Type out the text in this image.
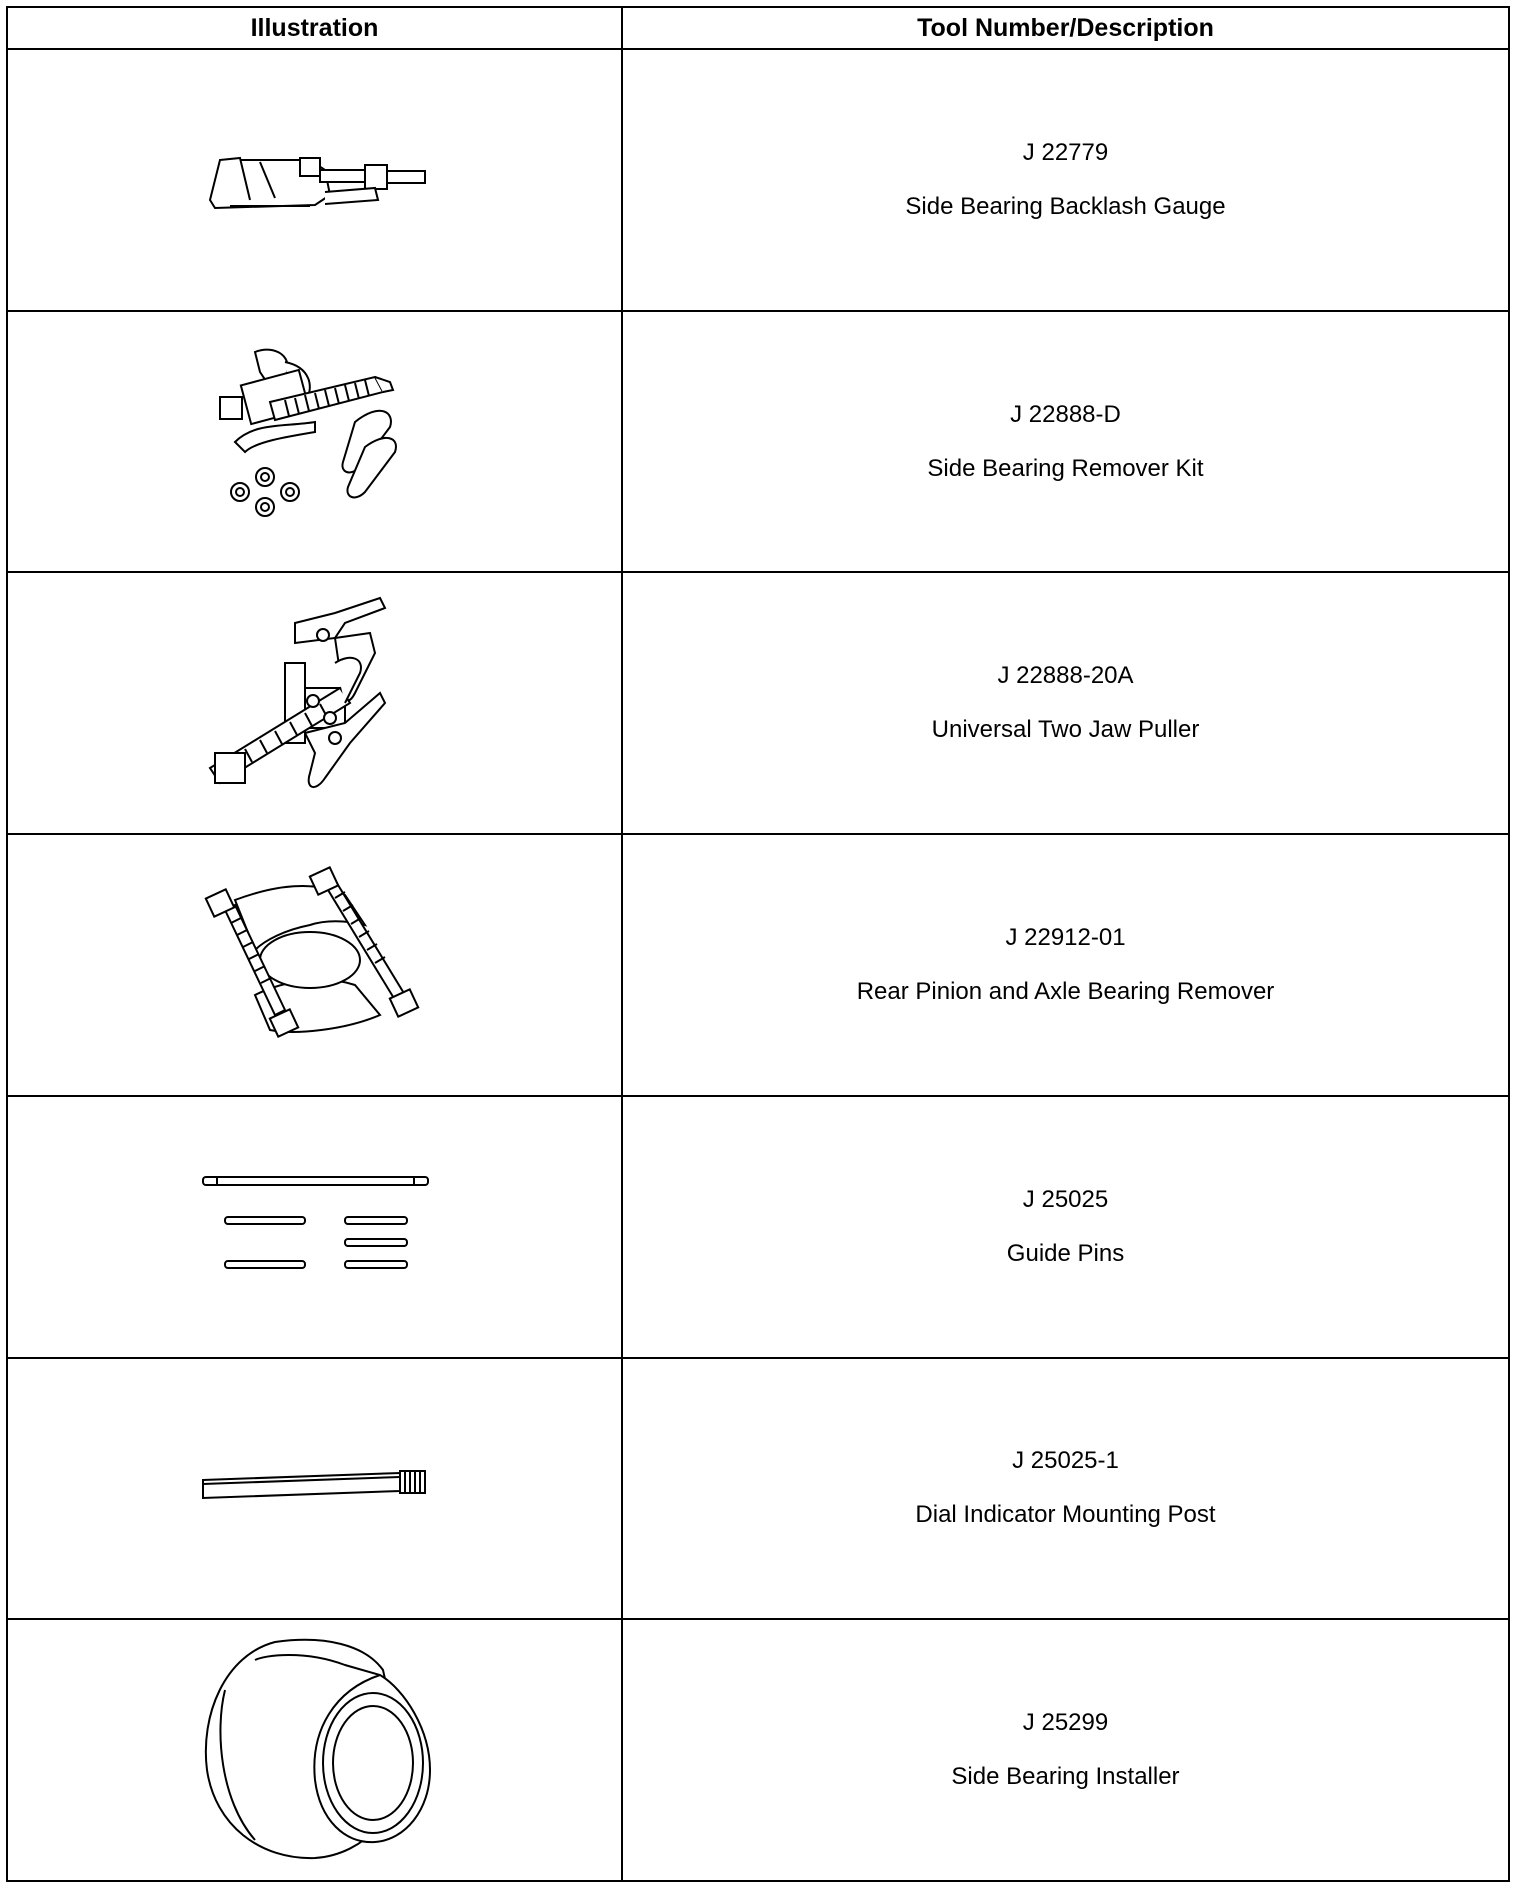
Illustration	Tool Number/Description

J 22779
Side Bearing Backlash Gauge

J 22888-D
Side Bearing Remover Kit

J 22888-20A
Universal Two Jaw Puller

J 22912-01
Rear Pinion and Axle Bearing Remover

J 25025
Guide Pins

J 25025-1
Dial Indicator Mounting Post

J 25299
Side Bearing Installer
